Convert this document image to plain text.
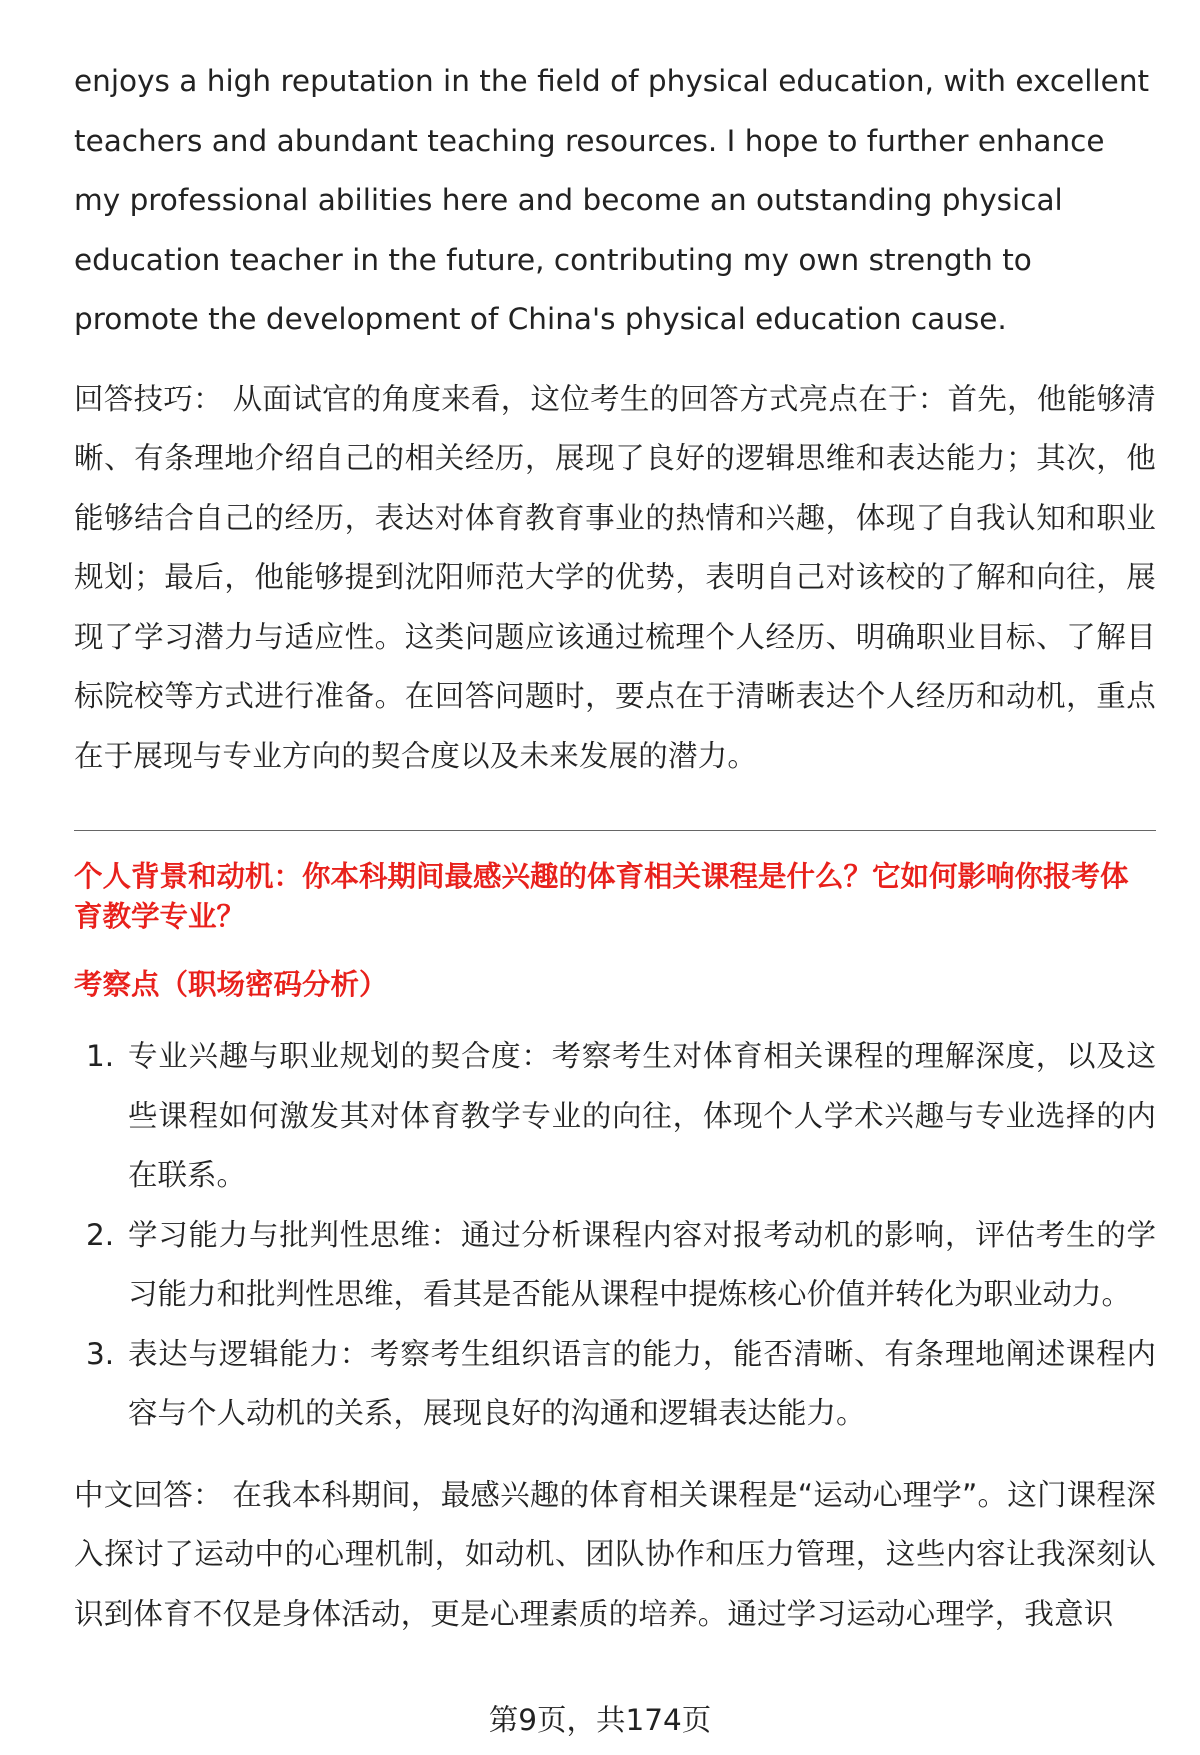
enjoys a high reputation in the field of physical education, with excellent teachers and abundant teaching resources. I hope to further enhance my professional abilities here and become an outstanding physical education teacher in the future, contributing my own strength to promote the development of China's physical education cause.

回答技巧： 从面试官的角度来看，这位考生的回答方式亮点在于：首先，他能够清晰、有条理地介绍自己的相关经历，展现了良好的逻辑思维和表达能力；其次，他能够结合自己的经历，表达对体育教育事业的热情和兴趣，体现了自我认知和职业规划；最后，他能够提到沈阳师范大学的优势，表明自己对该校的了解和向往，展现了学习潜力与适应性。这类问题应该通过梳理个人经历、明确职业目标、了解目标院校等方式进行准备。在回答问题时，要点在于清晰表达个人经历和动机，重点在于展现与专业方向的契合度以及未来发展的潜力。

个人背景和动机：你本科期间最感兴趣的体育相关课程是什么？它如何影响你报考体育教学专业？

考察点（职场密码分析）

1. 专业兴趣与职业规划的契合度：考察考生对体育相关课程的理解深度，以及这些课程如何激发其对体育教学专业的向往，体现个人学术兴趣与专业选择的内在联系。
2. 学习能力与批判性思维：通过分析课程内容对报考动机的影响，评估考生的学习能力和批判性思维，看其是否能从课程中提炼核心价值并转化为职业动力。
3. 表达与逻辑能力：考察考生组织语言的能力，能否清晰、有条理地阐述课程内容与个人动机的关系，展现良好的沟通和逻辑表达能力。

中文回答： 在我本科期间，最感兴趣的体育相关课程是“运动心理学”。这门课程深入探讨了运动中的心理机制，如动机、团队协作和压力管理，这些内容让我深刻认识到体育不仅是身体活动，更是心理素质的培养。通过学习运动心理学，我意识

第9页，共174页
